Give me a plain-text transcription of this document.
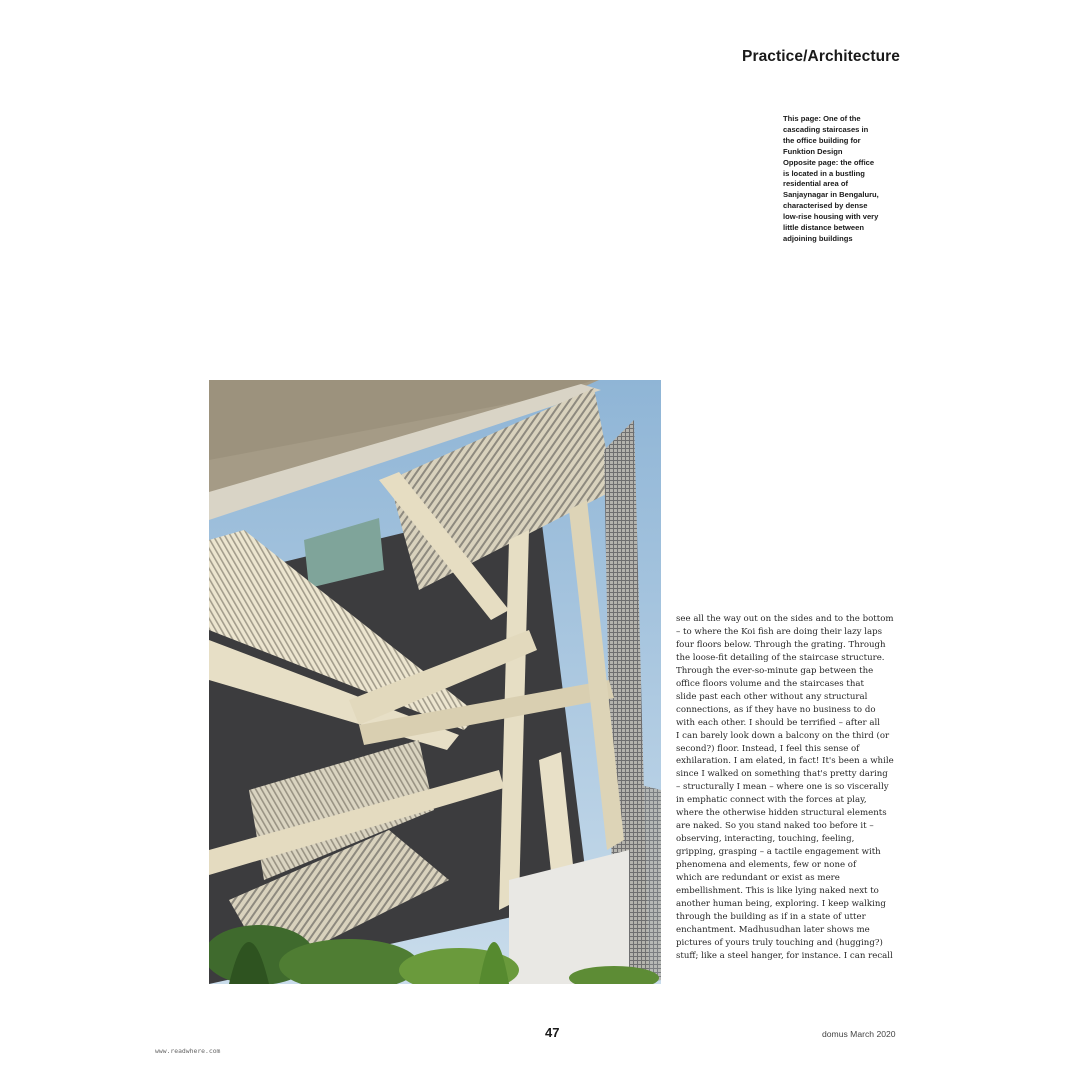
Practice/Architecture
This page: One of the
cascading staircases in
the office building for
Funktion Design
Opposite page: the office
is located in a bustling
residential area of
Sanjaynagar in Bengaluru,
characterised by dense
low-rise housing with very
little distance between
adjoining buildings
see all the way out on the sides and to the bottom
– to where the Koi fish are doing their lazy laps
four floors below. Through the grating. Through
the loose-fit detailing of the staircase structure.
Through the ever-so-minute gap between the
office floors volume and the staircases that
slide past each other without any structural
connections, as if they have no business to do
with each other. I should be terrified – after all
I can barely look down a balcony on the third (or
second?) floor. Instead, I feel this sense of
exhilaration. I am elated, in fact! It's been a while
since I walked on something that's pretty daring
– structurally I mean – where one is so viscerally
in emphatic connect with the forces at play,
where the otherwise hidden structural elements
are naked. So you stand naked too before it –
observing, interacting, touching, feeling,
gripping, grasping – a tactile engagement with
phenomena and elements, few or none of
which are redundant or exist as mere
embellishment. This is like lying naked next to
another human being, exploring. I keep walking
through the building as if in a state of utter
enchantment. Madhusudhan later shows me
pictures of yours truly touching and (hugging?)
stuff; like a steel hanger, for instance. I can recall
47	domus March 2020
www.readwhere.com
